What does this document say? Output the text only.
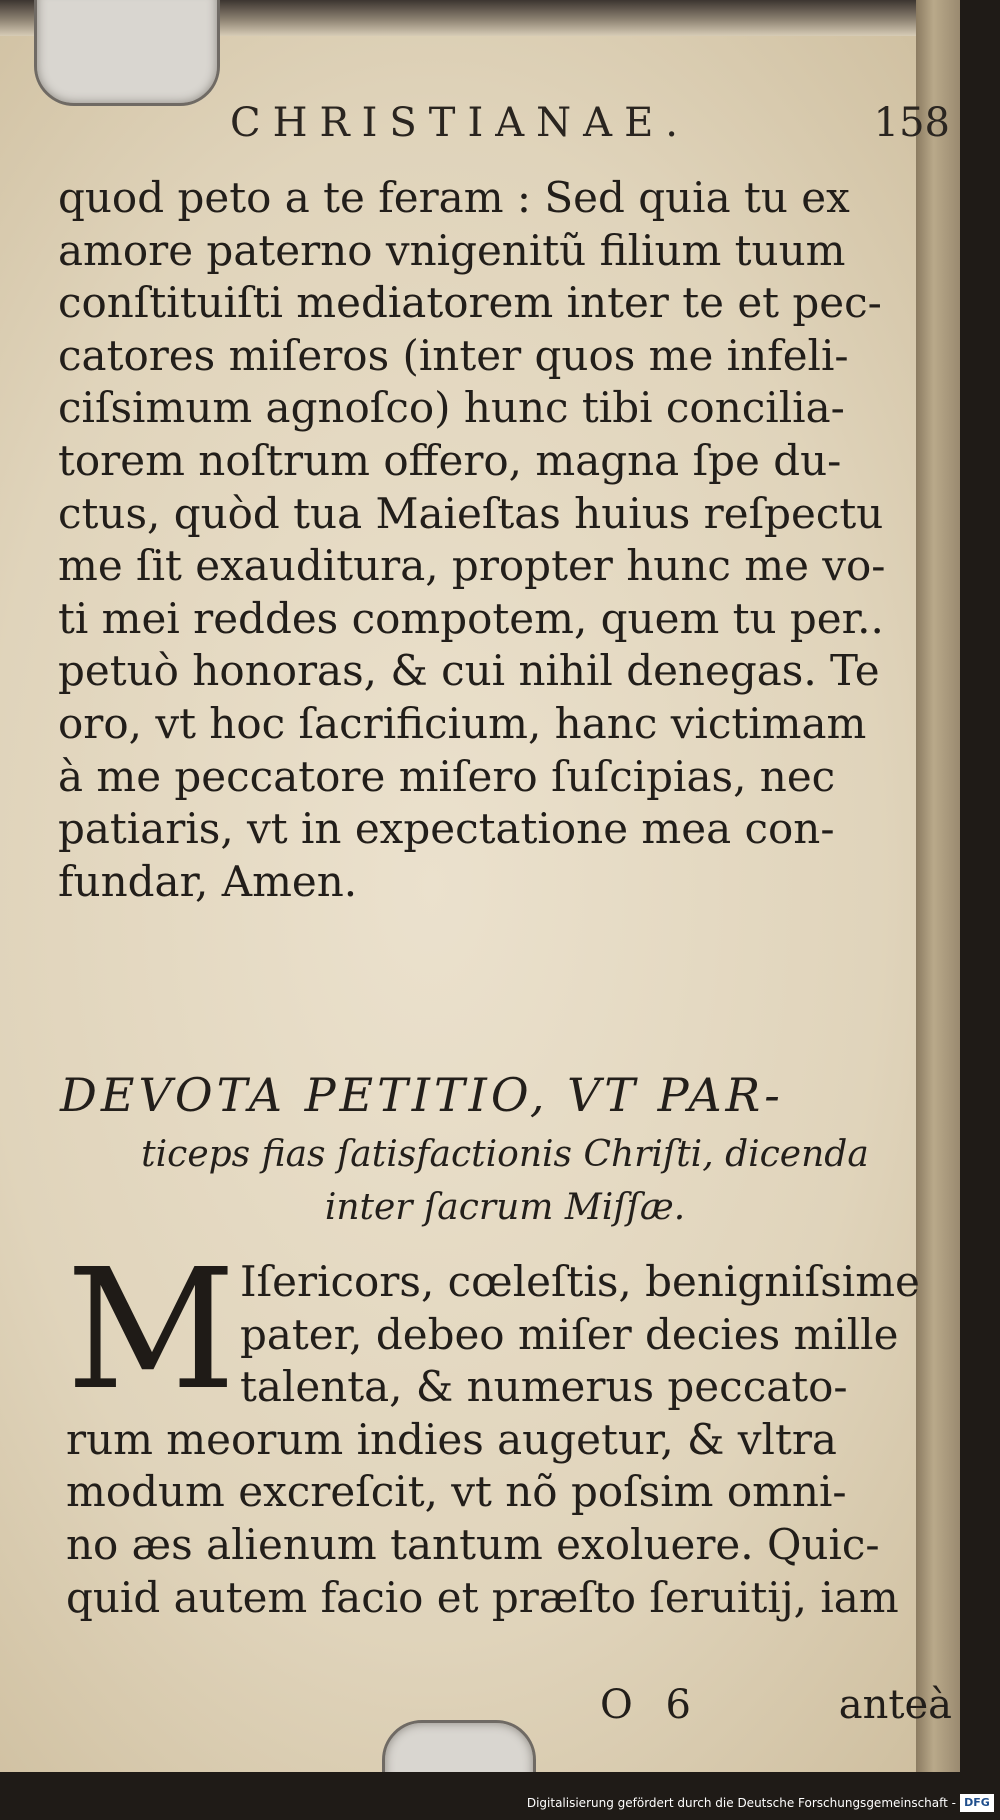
CHRISTIANAE.	158
quod peto a te feram : Sed quia tu ex
amore paterno vnigenitũ filium tuum
conſtituiſti mediatorem inter te et pec-
catores miſeros (inter quos me infeli-
ciſsimum agnoſco) hunc tibi concilia-
torem noſtrum offero, magna ſpe du-
ctus, quòd tua Maieſtas huius reſpectu
me ſit exauditura, propter hunc me vo-
ti mei reddes compotem, quem tu per..
petuò honoras, & cui nihil denegas. Te
oro, vt hoc ſacrificium, hanc victimam
à me peccatore miſero ſuſcipias, nec
patiaris, vt in expectatione mea con-
fundar, Amen.
DEVOTA PETITIO, VT PAR-
ticeps fias ſatisfactionis Chriſti, dicenda
inter ſacrum Miſſæ.
M Iſericors, cœleſtis, benigniſsime
pater, debeo miſer decies mille
talenta, & numerus peccato-
rum meorum indies augetur, & vltra
modum excreſcit, vt nõ poſsim omni-
no æs alienum tantum exoluere. Quic-
quid autem facio et præſto ſeruitij, iam
O 6	anteà
Digitalisierung gefördert durch die Deutsche Forschungsgemeinschaft - DFG
